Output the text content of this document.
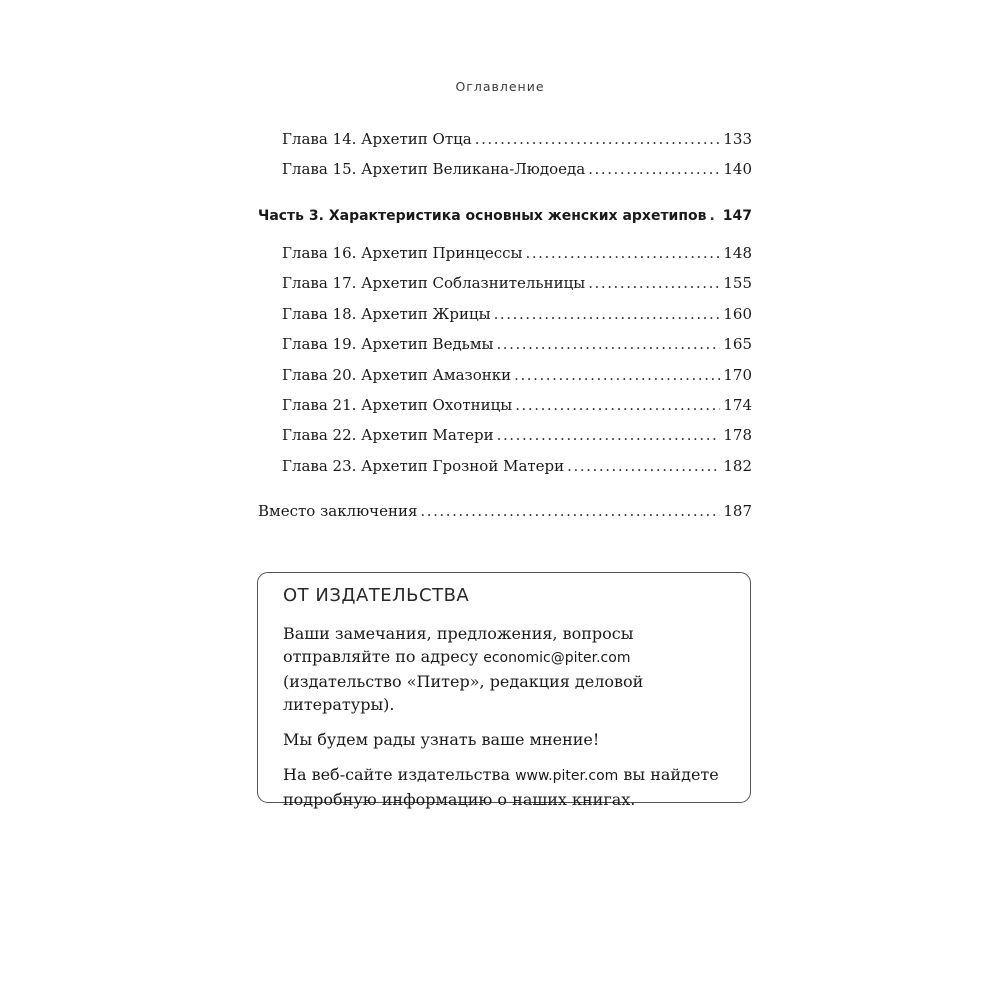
Оглавление
Глава 14. Архетип Отца . . .	133
Глава 15. Архетип Великана-Людоеда . . .	140
Часть 3. Характеристика основных женских архетипов . . . 147
Глава 16. Архетип Принцессы . . .	148
Глава 17. Архетип Соблазнительницы . . .	155
Глава 18. Архетип Жрицы . . .	160
Глава 19. Архетип Ведьмы . . .	165
Глава 20. Архетип Амазонки . . .	170
Глава 21. Архетип Охотницы . . .	174
Глава 22. Архетип Матери . . .	178
Глава 23. Архетип Грозной Матери . . .	182
Вместо заключения . . .	187
ОТ ИЗДАТЕЛЬСТВА

Ваши замечания, предложения, вопросы отправляйте по адресу economic@piter.com (издательство «Питер», редакция деловой литературы).

Мы будем рады узнать ваше мнение!

На веб-сайте издательства www.piter.com вы найдете подробную информацию о наших книгах.
